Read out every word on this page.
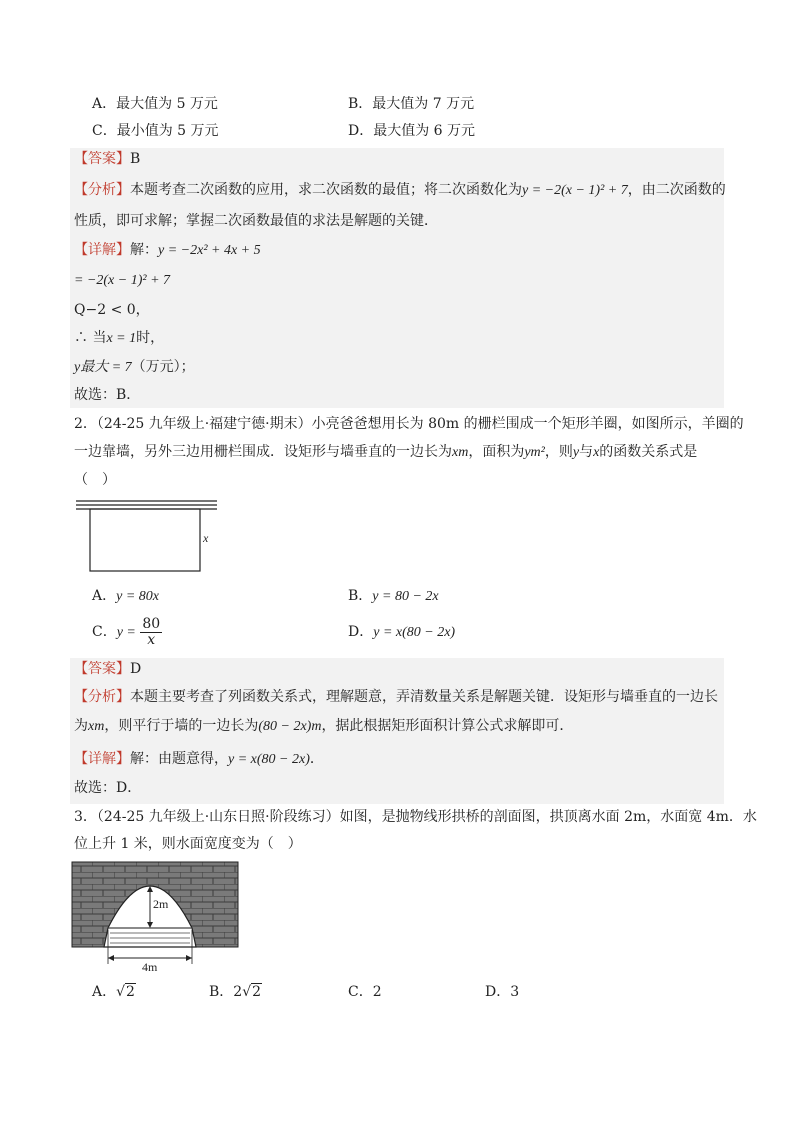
A．最大值为 5 万元	B．最大值为 7 万元
C．最小值为 5 万元	D．最大值为 6 万元
【答案】B
【分析】本题考查二次函数的应用，求二次函数的最值；将二次函数化为y = −2(x − 1)² + 7，由二次函数的
性质，即可求解；掌握二次函数最值的求法是解题的关键．
【详解】解：y = −2x² + 4x + 5
= −2(x − 1)² + 7
Q−2 < 0，
∴ 当x = 1时，
y最大 = 7（万元）；
故选：B．
2．（24-25 九年级上·福建宁德·期末）小亮爸爸想用长为 80m 的栅栏围成一个矩形羊圈，如图所示，羊圈的
一边靠墙，另外三边用栅栏围成．设矩形与墙垂直的一边长为xm，面积为ym²，则y与x的函数关系式是
（　）
x
A．y = 80x	B．y = 80 − 2x
C．$y = \frac{80}{x}$	D．y = x(80 − 2x)
【答案】D
【分析】本题主要考查了列函数关系式，理解题意，弄清数量关系是解题关键．设矩形与墙垂直的一边长
为xm，则平行于墙的一边长为(80 − 2x)m，据此根据矩形面积计算公式求解即可．
【详解】解：由题意得，y = x(80 − 2x)．
故选：D．
3．（24-25 九年级上·山东日照·阶段练习）如图，是抛物线形拱桥的剖面图，拱顶离水面 2m，水面宽 4m．水
位上升 1 米，则水面宽度变为（　）
2m
4m
A．√2	B．2√2	C．2	D．3
